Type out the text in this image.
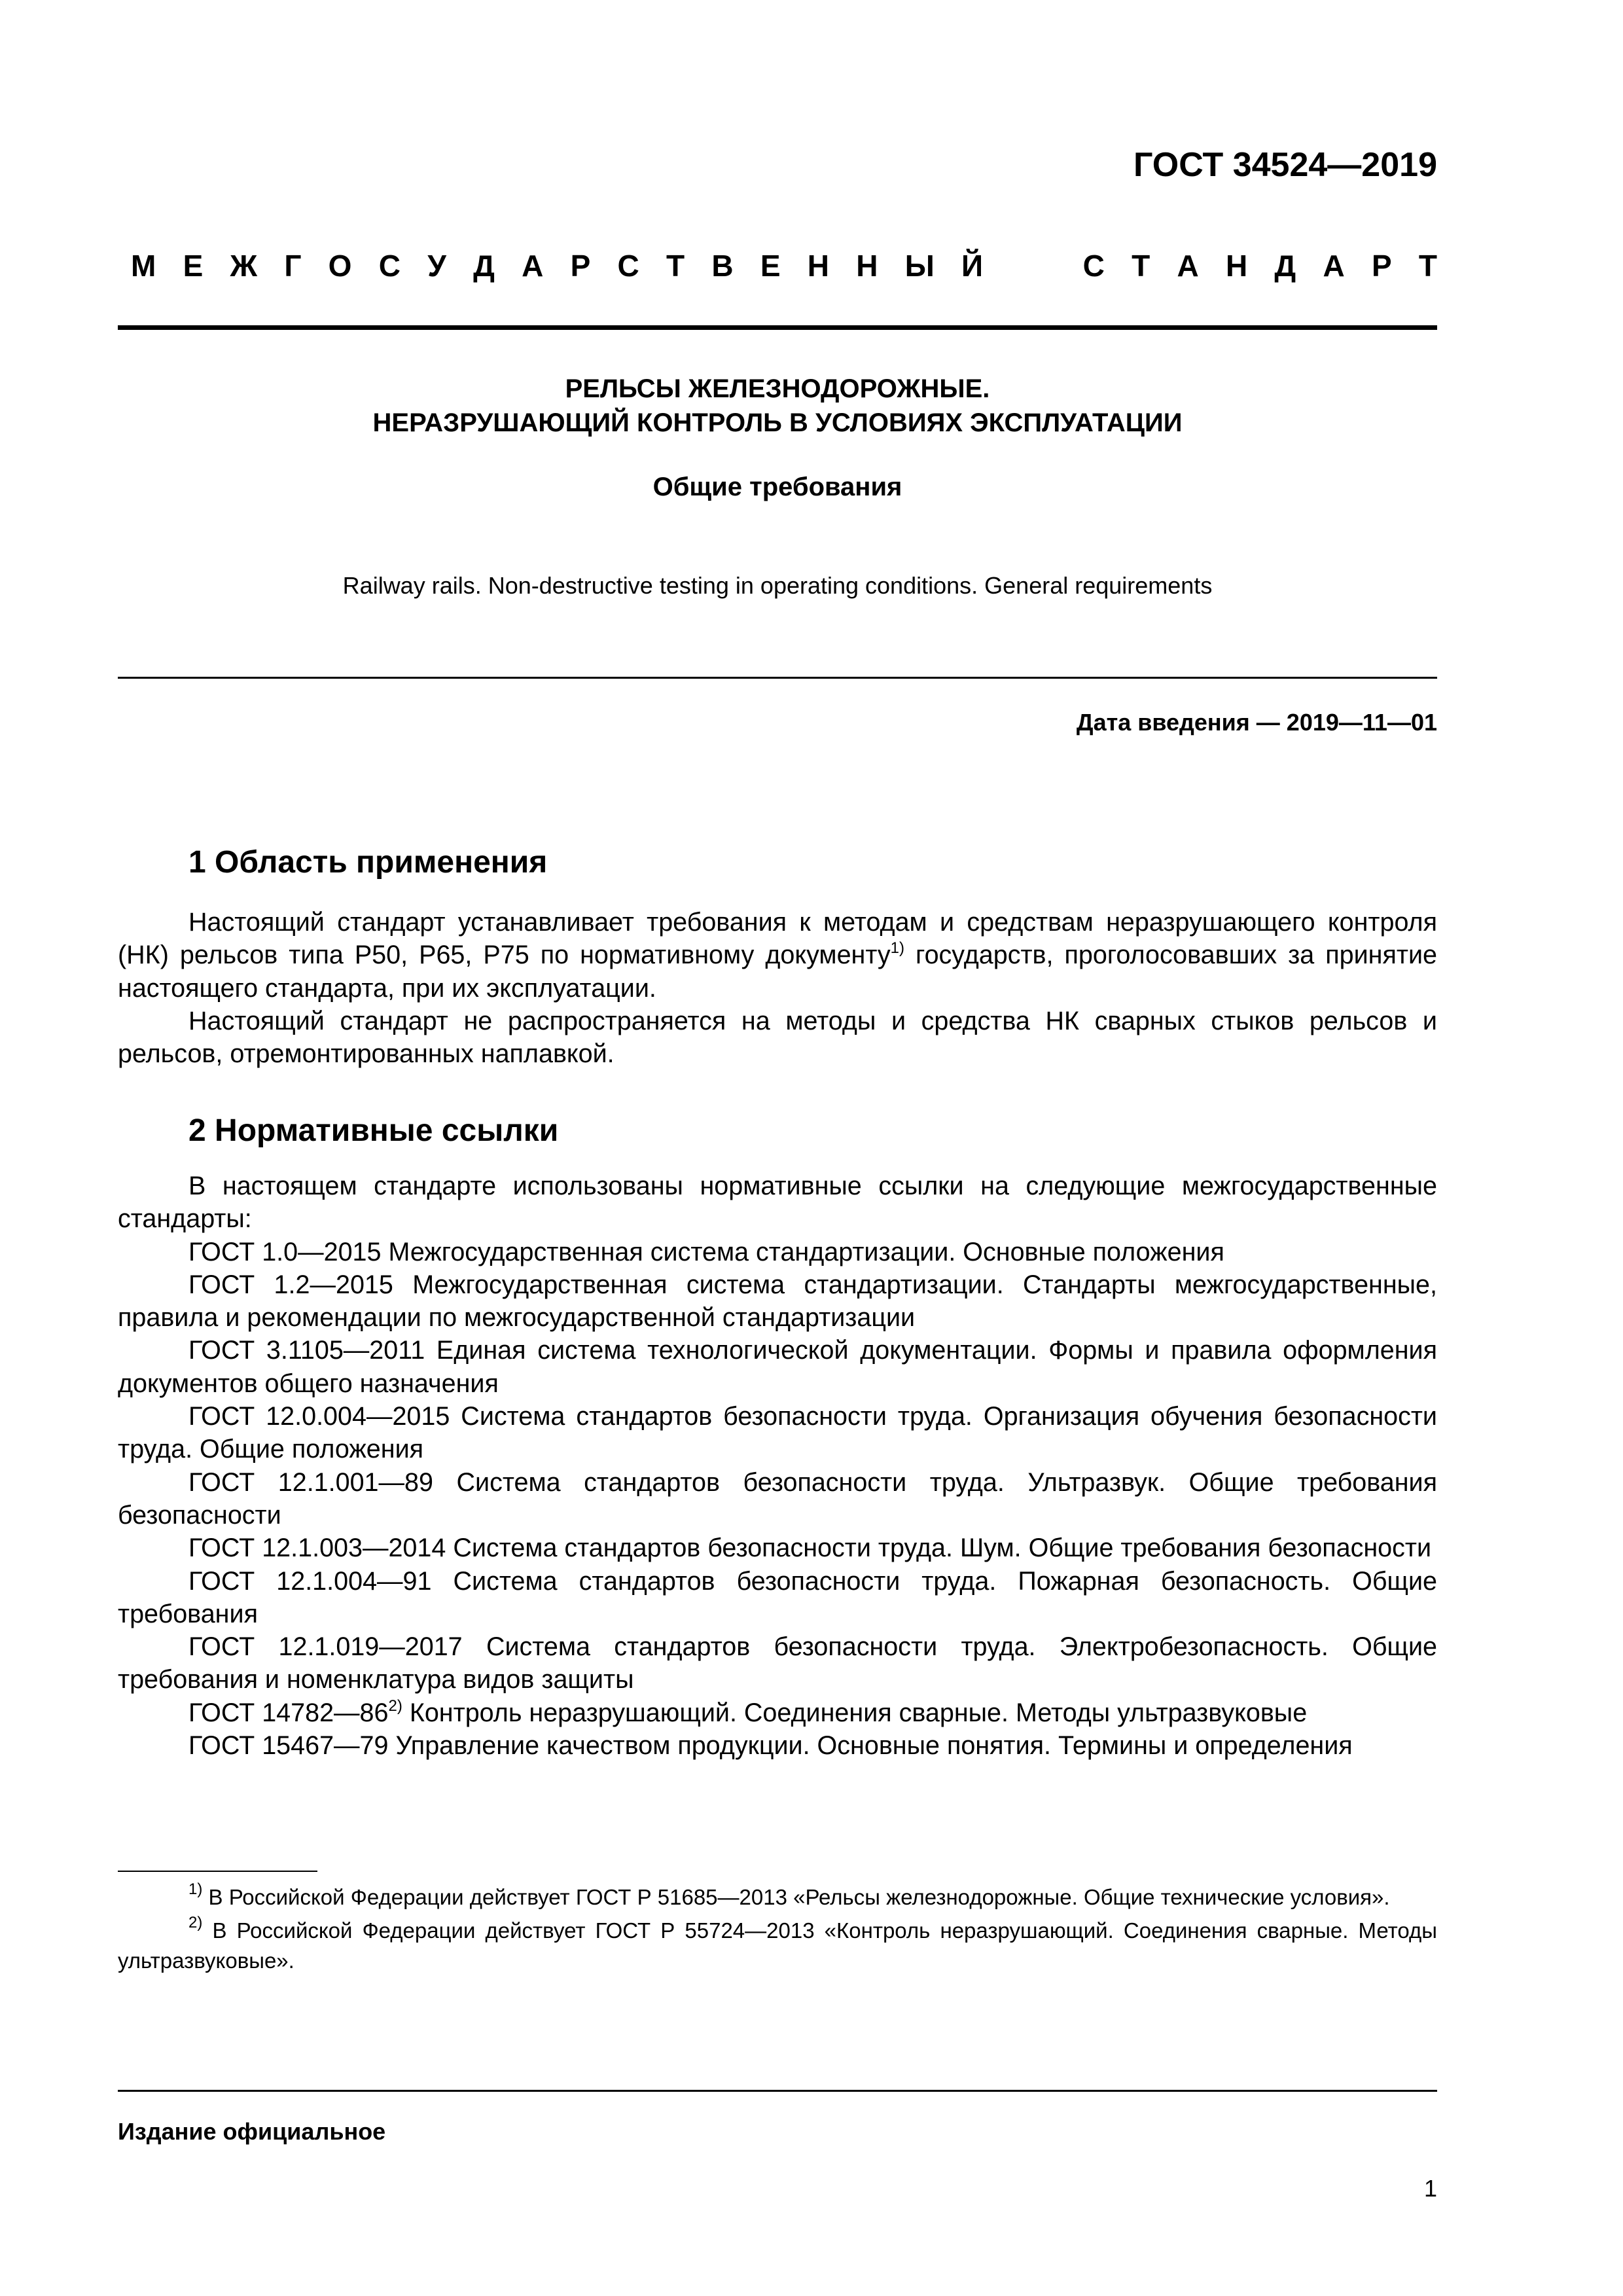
ГОСТ 34524—2019
М Е Ж Г О С У Д А Р С Т В Е Н Н Ы Й	С Т А Н Д А Р Т
РЕЛЬСЫ ЖЕЛЕЗНОДОРОЖНЫЕ.
НЕРАЗРУШАЮЩИЙ КОНТРОЛЬ В УСЛОВИЯХ ЭКСПЛУАТАЦИИ
Общие требования
Railway rails. Non-destructive testing in operating conditions. General requirements
Дата введения — 2019—11—01
1 Область применения

Настоящий стандарт устанавливает требования к методам и средствам неразрушающего контроля (НК) рельсов типа Р50, Р65, Р75 по нормативному документу$^{1)}$ государств, проголосовавших за принятие настоящего стандарта, при их эксплуатации.

Настоящий стандарт не распространяется на методы и средства НК сварных стыков рельсов и рельсов, отремонтированных наплавкой.

2 Нормативные ссылки

В настоящем стандарте использованы нормативные ссылки на следующие межгосударственные стандарты:

ГОСТ 1.0—2015 Межгосударственная система стандартизации. Основные положения

ГОСТ 1.2—2015 Межгосударственная система стандартизации. Стандарты межгосударственные, правила и рекомендации по межгосударственной стандартизации

ГОСТ 3.1105—2011 Единая система технологической документации. Формы и правила оформления документов общего назначения

ГОСТ 12.0.004—2015 Система стандартов безопасности труда. Организация обучения безопасности труда. Общие положения

ГОСТ 12.1.001—89 Система стандартов безопасности труда. Ультразвук. Общие требования безопасности

ГОСТ 12.1.003—2014 Система стандартов безопасности труда. Шум. Общие требования безопасности

ГОСТ 12.1.004—91 Система стандартов безопасности труда. Пожарная безопасность. Общие требования

ГОСТ 12.1.019—2017 Система стандартов безопасности труда. Электробезопасность. Общие требования и номенклатура видов защиты

ГОСТ 14782—86$^{2)}$ Контроль неразрушающий. Соединения сварные. Методы ультразвуковые

ГОСТ 15467—79 Управление качеством продукции. Основные понятия. Термины и определения

$^{1)}$ В Российской Федерации действует ГОСТ Р 51685—2013 «Рельсы железнодорожные. Общие технические условия».

$^{2)}$ В Российской Федерации действует ГОСТ Р 55724—2013 «Контроль неразрушающий. Соединения сварные. Методы ультразвуковые».

Издание официальное
1
